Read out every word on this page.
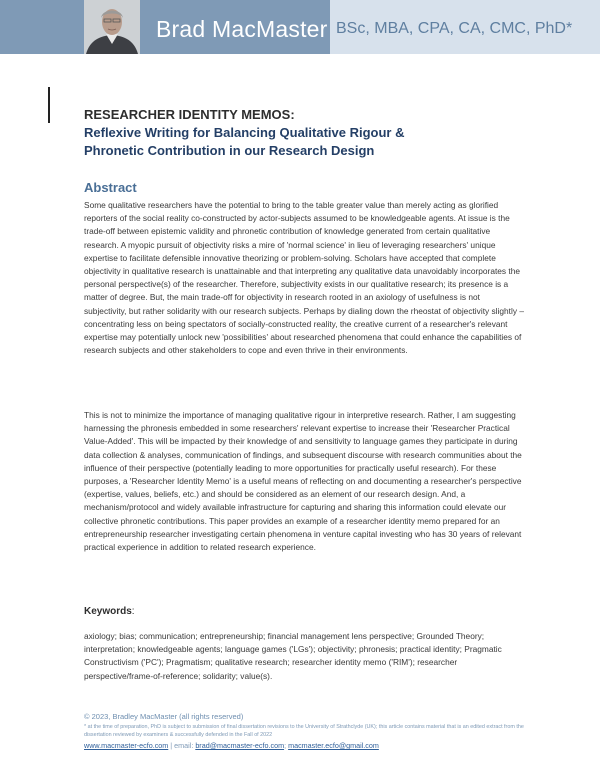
Brad MacMaster BSc, MBA, CPA, CA, CMC, PhD*
RESEARCHER IDENTITY MEMOS:
Reflexive Writing for Balancing Qualitative Rigour &
Phronetic Contribution in our Research Design
Abstract
Some qualitative researchers have the potential to bring to the table greater value than merely acting as glorified reporters of the social reality co-constructed by actor-subjects assumed to be knowledgeable agents. At issue is the trade-off between epistemic validity and phronetic contribution of knowledge generated from certain qualitative research. A myopic pursuit of objectivity risks a mire of 'normal science' in lieu of leveraging researchers' unique expertise to facilitate defensible innovative theorizing or problem-solving. Scholars have accepted that complete objectivity in qualitative research is unattainable and that interpreting any qualitative data unavoidably incorporates the personal perspective(s) of the researcher. Therefore, subjectivity exists in our qualitative research; its presence is a matter of degree. But, the main trade-off for objectivity in research rooted in an axiology of usefulness is not subjectivity, but rather solidarity with our research subjects. Perhaps by dialing down the rheostat of objectivity slightly – concentrating less on being spectators of socially-constructed reality, the creative current of a researcher's relevant expertise may potentially unlock new 'possibilities' about researched phenomena that could enhance the capabilities of research subjects and other stakeholders to cope and even thrive in their environments.
This is not to minimize the importance of managing qualitative rigour in interpretive research. Rather, I am suggesting harnessing the phronesis embedded in some researchers' relevant expertise to increase their 'Researcher Practical Value-Added'. This will be impacted by their knowledge of and sensitivity to language games they participate in during data collection & analyses, communication of findings, and subsequent discourse with research communities about the influence of their perspective (potentially leading to more opportunities for practically useful research). For these purposes, a 'Researcher Identity Memo' is a useful means of reflecting on and documenting a researcher's perspective (expertise, values, beliefs, etc.) and should be considered as an element of our research design. And, a mechanism/protocol and widely available infrastructure for capturing and sharing this information could elevate our collective phronetic contributions. This paper provides an example of a researcher identity memo prepared for an entrepreneurship researcher investigating certain phenomena in venture capital investing who has 30 years of relevant practical experience in addition to related research experience.
Keywords:
axiology; bias; communication; entrepreneurship; financial management lens perspective; Grounded Theory; interpretation; knowledgeable agents; language games ('LGs'); objectivity; phronesis; practical identity; Pragmatic Constructivism ('PC'); Pragmatism; qualitative research; researcher identity memo ('RIM'); researcher perspective/frame-of-reference; solidarity; value(s).
© 2023, Bradley MacMaster (all rights reserved)
* at the time of preparation, PhD is subject to submission of final dissertation revisions to the University of Strathclyde (UK); this article contains material that is an edited extract from the dissertation reviewed by examiners & successfully defended in the Fall of 2022
www.macmaster-ecfo.com | email: brad@macmaster-ecfo.com; macmaster.ecfo@gmail.com
